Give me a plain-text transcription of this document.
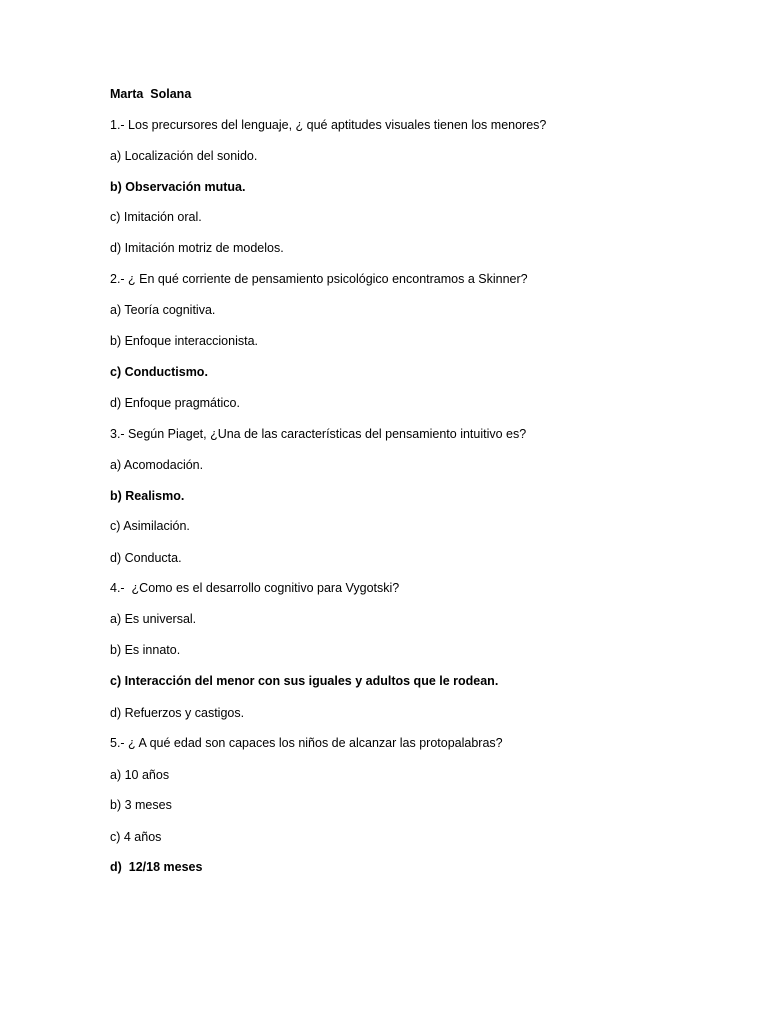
Marta  Solana
1.- Los precursores del lenguaje, ¿ qué aptitudes visuales tienen los menores?
a) Localización del sonido.
b) Observación mutua.
c) Imitación oral.
d) Imitación motriz de modelos.
2.- ¿ En qué corriente de pensamiento psicológico encontramos a Skinner?
a) Teoría cognitiva.
b) Enfoque interaccionista.
c) Conductismo.
d) Enfoque pragmático.
3.- Según Piaget, ¿Una de las características del pensamiento intuitivo es?
a) Acomodación.
b) Realismo.
c) Asimilación.
d) Conducta.
4.-  ¿Como es el desarrollo cognitivo para Vygotski?
a) Es universal.
b) Es innato.
c) Interacción del menor con sus iguales y adultos que le rodean.
d) Refuerzos y castigos.
5.- ¿ A qué edad son capaces los niños de alcanzar las protopalabras?
a) 10 años
b) 3 meses
c) 4 años
d)  12/18 meses
